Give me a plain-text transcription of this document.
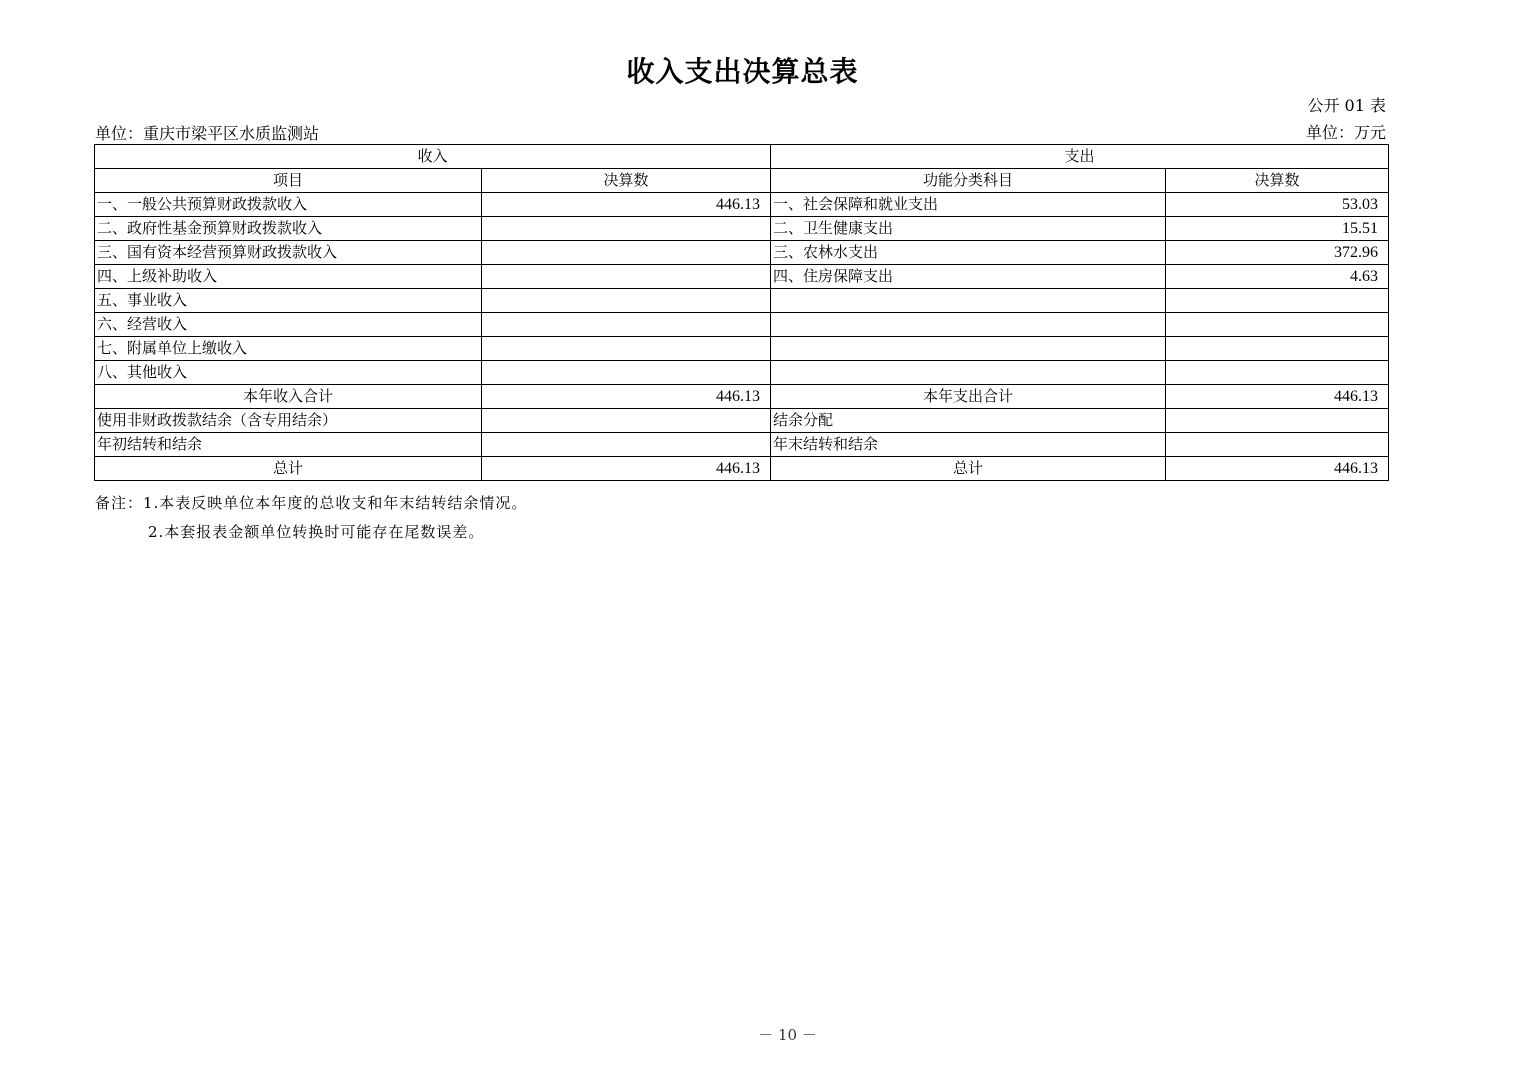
收入支出决算总表
公开 01 表
单位：重庆市梁平区水质监测站	单位：万元
收入		支出	
项目	决算数	功能分类科目	决算数
一、一般公共预算财政拨款收入	446.13	一、社会保障和就业支出	53.03
二、政府性基金预算财政拨款收入		二、卫生健康支出	15.51
三、国有资本经营预算财政拨款收入		三、农林水支出	372.96
四、上级补助收入		四、住房保障支出	4.63
五、事业收入			
六、经营收入			
七、附属单位上缴收入			
八、其他收入			
本年收入合计	446.13	本年支出合计	446.13
使用非财政拨款结余（含专用结余）		结余分配	
年初结转和结余		年末结转和结余	
总计	446.13	总计	446.13
备注：1.本表反映单位本年度的总收支和年末结转结余情况。
2.本套报表金额单位转换时可能存在尾数误差。
－ 10 －
